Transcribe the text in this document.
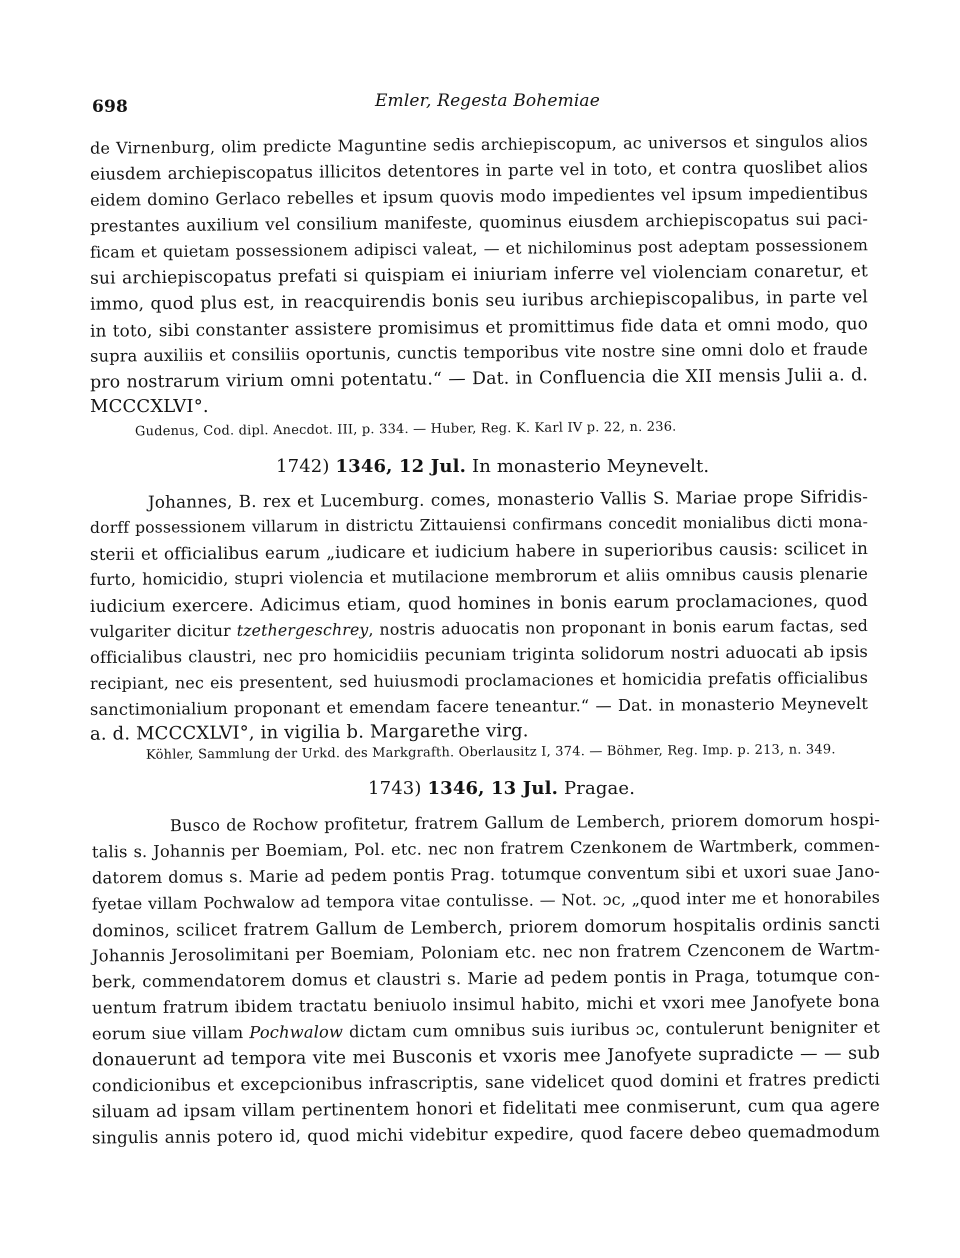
698	Emler, Regesta Bohemiae
de Virnenburg, olim predicte Maguntine sedis archiepiscopum, ac universos et singulos alios
eiusdem archiepiscopatus illicitos detentores in parte vel in toto, et contra quoslibet alios
eidem domino Gerlaco rebelles et ipsum quovis modo impedientes vel ipsum impedientibus
prestantes auxilium vel consilium manifeste, quominus eiusdem archiepiscopatus sui paci-
ficam et quietam possessionem adipisci valeat, — et nichilominus post adeptam possessionem
sui archiepiscopatus prefati si quispiam ei iniuriam inferre vel violenciam conaretur, et
immo, quod plus est, in reacquirendis bonis seu iuribus archiepiscopalibus, in parte vel
in toto, sibi constanter assistere promisimus et promittimus fide data et omni modo, quo
supra auxiliis et consiliis oportunis, cunctis temporibus vite nostre sine omni dolo et fraude
pro nostrarum virium omni potentatu.“ — Dat. in Confluencia die XII mensis Julii a. d.
MCCCXLVI°.
Gudenus, Cod. dipl. Anecdot. III, p. 334. — Huber, Reg. K. Karl IV p. 22, n. 236.
1742) 1346, 12 Jul. In monasterio Meynevelt.
Johannes, B. rex et Lucemburg. comes, monasterio Vallis S. Mariae prope Sifridis-
dorff possessionem villarum in districtu Zittauiensi confirmans concedit monialibus dicti mona-
sterii et officialibus earum „iudicare et iudicium habere in superioribus causis: scilicet in
furto, homicidio, stupri violencia et mutilacione membrorum et aliis omnibus causis plenarie
iudicium exercere. Adicimus etiam, quod homines in bonis earum proclamaciones, quod
vulgariter dicitur tzethergeschrey, nostris aduocatis non proponant in bonis earum factas, sed
officialibus claustri, nec pro homicidiis pecuniam triginta solidorum nostri aduocati ab ipsis
recipiant, nec eis presentent, sed huiusmodi proclamaciones et homicidia prefatis officialibus
sanctimonialium proponant et emendam facere teneantur.“ — Dat. in monasterio Meynevelt
a. d. MCCCXLVI°, in vigilia b. Margarethe virg.
Köhler, Sammlung der Urkd. des Markgrafth. Oberlausitz I, 374. — Böhmer, Reg. Imp. p. 213, n. 349.
1743) 1346, 13 Jul. Pragae.
Busco de Rochow profitetur, fratrem Gallum de Lemberch, priorem domorum hospi-
talis s. Johannis per Boemiam, Pol. etc. nec non fratrem Czenkonem de Wartmberk, commen-
datorem domus s. Marie ad pedem pontis Prag. totumque conventum sibi et uxori suae Jano-
fyetae villam Pochwalow ad tempora vitae contulisse. — Not. ɔc, „quod inter me et honorabiles
dominos, scilicet fratrem Gallum de Lemberch, priorem domorum hospitalis ordinis sancti
Johannis Jerosolimitani per Boemiam, Poloniam etc. nec non fratrem Czenconem de Wartm-
berk, commendatorem domus et claustri s. Marie ad pedem pontis in Praga, totumque con-
uentum fratrum ibidem tractatu beniuolo insimul habito, michi et vxori mee Janofyete bona
eorum siue villam Pochwalow dictam cum omnibus suis iuribus ɔc, contulerunt benigniter et
donauerunt ad tempora vite mei Busconis et vxoris mee Janofyete supradicte — — sub
condicionibus et excepcionibus infrascriptis, sane videlicet quod domini et fratres predicti
siluam ad ipsam villam pertinentem honori et fidelitati mee conmiserunt, cum qua agere
singulis annis potero id, quod michi videbitur expedire, quod facere debeo quemadmodum
